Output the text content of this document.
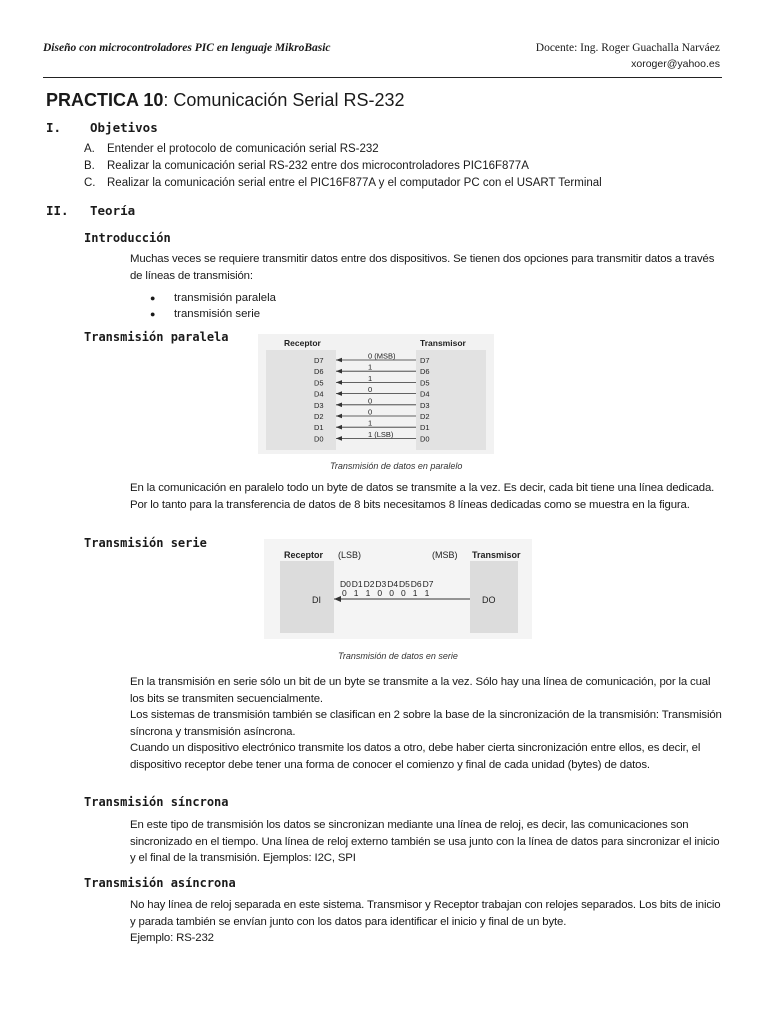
Diseño con microcontroladores PIC en lenguaje MikroBasic	Docente: Ing. Roger Guachalla Narváez
xoroger@yahoo.es
PRACTICA 10: Comunicación Serial RS-232
I. Objetivos
A. Entender el protocolo de comunicación serial RS-232
B. Realizar la comunicación serial RS-232 entre dos microcontroladores PIC16F877A
C. Realizar la comunicación serial entre el PIC16F877A y el computador PC con el USART Terminal
II. Teoría
Introducción
Muchas veces se requiere transmitir datos entre dos dispositivos. Se tienen dos opciones para transmitir datos a través de líneas de transmisión:
● transmisión paralela
● transmisión serie
Transmisión paralela	Receptor	Transmisor
D7	0 (MSB)	D7
D6	1	D6
D5	1	D5
D4	0	D4
D3	0	D3
D2	0	D2
D1	1	D1
D0	1 (LSB)	D0
Transmisión de datos en paralelo
En la comunicación en paralelo todo un byte de datos se transmite a la vez. Es decir, cada bit tiene una línea dedicada. Por lo tanto para la transferencia de datos de 8 bits necesitamos 8 líneas dedicadas como se muestra en la figura.
Transmisión serie
Receptor	Transmisor
(LSB)	(MSB)
DI	DO
D0
0
D1
1
D2
1
D3
0
D4
0
D5
0
D6
1
D7
1
Transmisión de datos en serie

En la transmisión en serie sólo un bit de un byte se transmite a la vez. Sólo hay una línea de comunicación, por la cual los bits se transmiten secuencialmente.

Los sistemas de transmisión también se clasifican en 2 sobre la base de la sincronización de la transmisión: Transmisión síncrona y transmisión asíncrona.

Cuando un dispositivo electrónico transmite los datos a otro, debe haber cierta sincronización entre ellos, es decir, el dispositivo receptor debe tener una forma de conocer el comienzo y final de cada unidad (bytes) de datos.

Transmisión síncrona
En este tipo de transmisión los datos se sincronizan mediante una línea de reloj, es decir, las comunicaciones son sincronizado en el tiempo. Una línea de reloj externo también se usa junto con la línea de datos para sincronizar el inicio y el final de la transmisión. Ejemplos: I2C, SPI
Transmisión asíncrona

No hay línea de reloj separada en este sistema. Transmisor y Receptor trabajan con relojes separados. Los bits de inicio y parada también se envían junto con los datos para identificar el inicio y final de un byte.

Ejemplo: RS-232
